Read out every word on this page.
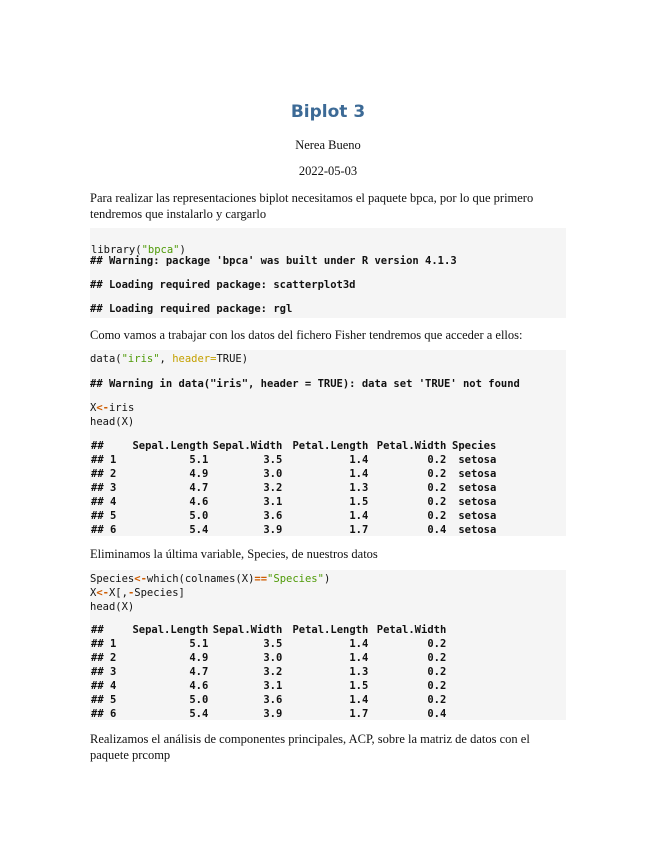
Biplot 3
Nerea Bueno
2022-05-03
Para realizar las representaciones biplot necesitamos el paquete bpca, por lo que primero tendremos que instalarlo y cargarlo

library("bpca")

## Warning: package 'bpca' was built under R version 4.1.3
## Loading required package: scatterplot3d
## Loading required package: rgl
Como vamos a trabajar con los datos del fichero Fisher tendremos que acceder a ellos:
data("iris", header=TRUE)
## Warning in data("iris", header = TRUE): data set 'TRUE' not found
X<-iris
head(X)
##	Sepal.Length	Sepal.Width	Petal.Length	Petal.Width	Species
## 1	5.1	3.5	1.4	0.2	setosa
## 2	4.9	3.0	1.4	0.2	setosa
## 3	4.7	3.2	1.3	0.2	setosa
## 4	4.6	3.1	1.5	0.2	setosa
## 5	5.0	3.6	1.4	0.2	setosa
## 6	5.4	3.9	1.7	0.4	setosa
Eliminamos la última variable, Species, de nuestros datos
Species<-which(colnames(X)=="Species")
X<-X[,-Species]
head(X)
##	Sepal.Length	Sepal.Width	Petal.Length	Petal.Width
## 1	5.1	3.5	1.4	0.2
## 2	4.9	3.0	1.4	0.2
## 3	4.7	3.2	1.3	0.2
## 4	4.6	3.1	1.5	0.2
## 5	5.0	3.6	1.4	0.2
## 6	5.4	3.9	1.7	0.4
Realizamos el análisis de componentes principales, ACP, sobre la matriz de datos con el paquete prcomp
